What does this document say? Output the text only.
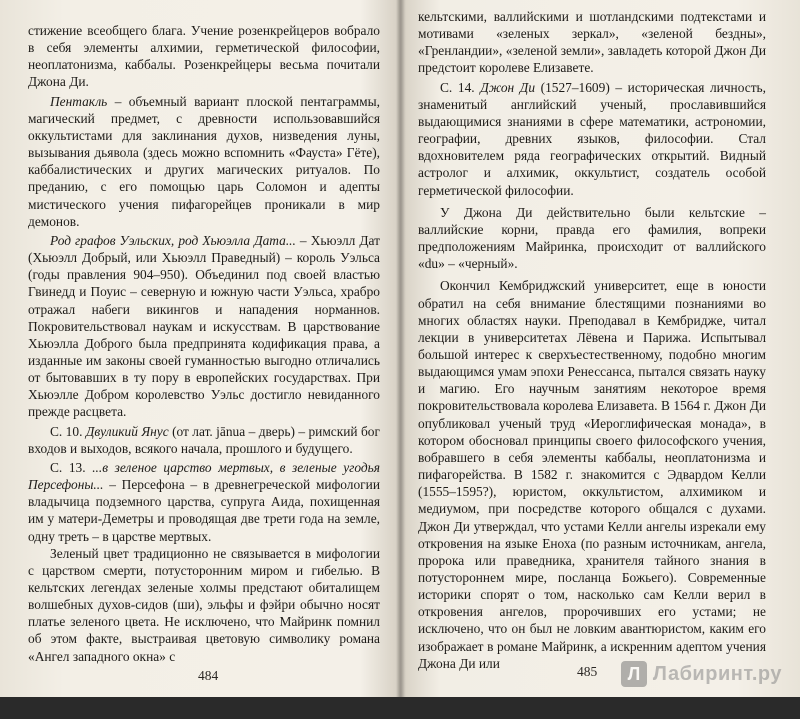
стижение всеобщего блага. Учение розенкрейцеров вобрало в себя элементы алхимии, герметической философии, неоплатонизма, каббалы. Розенкрейцеры весьма почитали Джона Ди.

Пентакль – объемный вариант плоской пентаграммы, магический предмет, с древности использовавшийся оккультистами для заклинания духов, низведения луны, вызывания дьявола (здесь можно вспомнить «Фауста» Гёте), каббалистических и других магических ритуалов. По преданию, с его помощью царь Соломон и адепты мистического учения пифагорейцев проникали в мир демонов.

Род графов Уэльских, род Хьюэлла Дата... – Хьюэлл Дат (Хьюэлл Добрый, или Хьюэлл Праведный) – король Уэльса (годы правления 904–950). Объединил под своей властью Гвинедд и Поуис – северную и южную части Уэльса, храбро отражал набеги викингов и нападения норманнов. Покровительствовал наукам и искусствам. В царствование Хьюэлла Доброго была предпринята кодификация права, а изданные им законы своей гуманностью выгодно отличались от бытовавших в ту пору в европейских государствах. При Хьюэлле Добром королевство Уэльс достигло невиданного прежде расцвета.

С. 10. Двуликий Янус (от лат. jānua – дверь) – римский бог входов и выходов, всякого начала, прошлого и будущего.

С. 13. ...в зеленое царство мертвых, в зеленые угодья Персефоны... – Персефона – в древнегреческой мифологии владычица подземного царства, супруга Аида, похищенная им у матери-Деметры и проводящая две трети года на земле, одну треть – в царстве мертвых.

Зеленый цвет традиционно не связывается в мифологии с царством смерти, потусторонним миром и гибелью. В кельтских легендах зеленые холмы предстают обиталищем волшебных духов-сидов (ши), эльфы и фэйри обычно носят платье зеленого цвета. Не исключено, что Майринк помнил об этом факте, выстраивая цветовую символику романа «Ангел западного окна» с

кельтскими, валлийскими и шотландскими подтекстами и мотивами «зеленых зеркал», «зеленой бездны», «Гренландии», «зеленой земли», завладеть которой Джон Ди предстоит королеве Елизавете.

С. 14. Джон Ди (1527–1609) – историческая личность, знаменитый английский ученый, прославившийся выдающимися знаниями в сфере математики, астрономии, географии, древних языков, философии. Стал вдохновителем ряда географических открытий. Видный астролог и алхимик, оккультист, создатель особой герметической философии.

У Джона Ди действительно были кельтские – валлийские корни, правда его фамилия, вопреки предположениям Майринка, происходит от валлийского «du» – «черный».

Окончил Кембриджский университет, еще в юности обратил на себя внимание блестящими познаниями во многих областях науки. Преподавал в Кембридже, читал лекции в университетах Лёвена и Парижа. Испытывал большой интерес к сверхъестественному, подобно многим выдающимся умам эпохи Ренессанса, пытался связать науку и магию. Его научным занятиям некоторое время покровительствовала королева Елизавета. В 1564 г. Джон Ди опубликовал ученый труд «Иероглифическая монада», в котором обосновал принципы своего философского учения, вобравшего в себя элементы каббалы, неоплатонизма и пифагорейства. В 1582 г. знакомится с Эдвардом Келли (1555–1595?), юристом, оккультистом, алхимиком и медиумом, при посредстве которого общался с духами. Джон Ди утверждал, что устами Келли ангелы изрекали ему откровения на языке Еноха (по разным источникам, ангела, пророка или праведника, хранителя тайного знания в потустороннем мире, посланца Божьего). Современные историки спорят о том, насколько сам Келли верил в откровения ангелов, пророчивших его устами; не исключено, что он был не ловким авантюристом, каким его изображает в романе Майринк, а искренним адептом учения Джона Ди или

484	485	Л Лабиринт.ру
